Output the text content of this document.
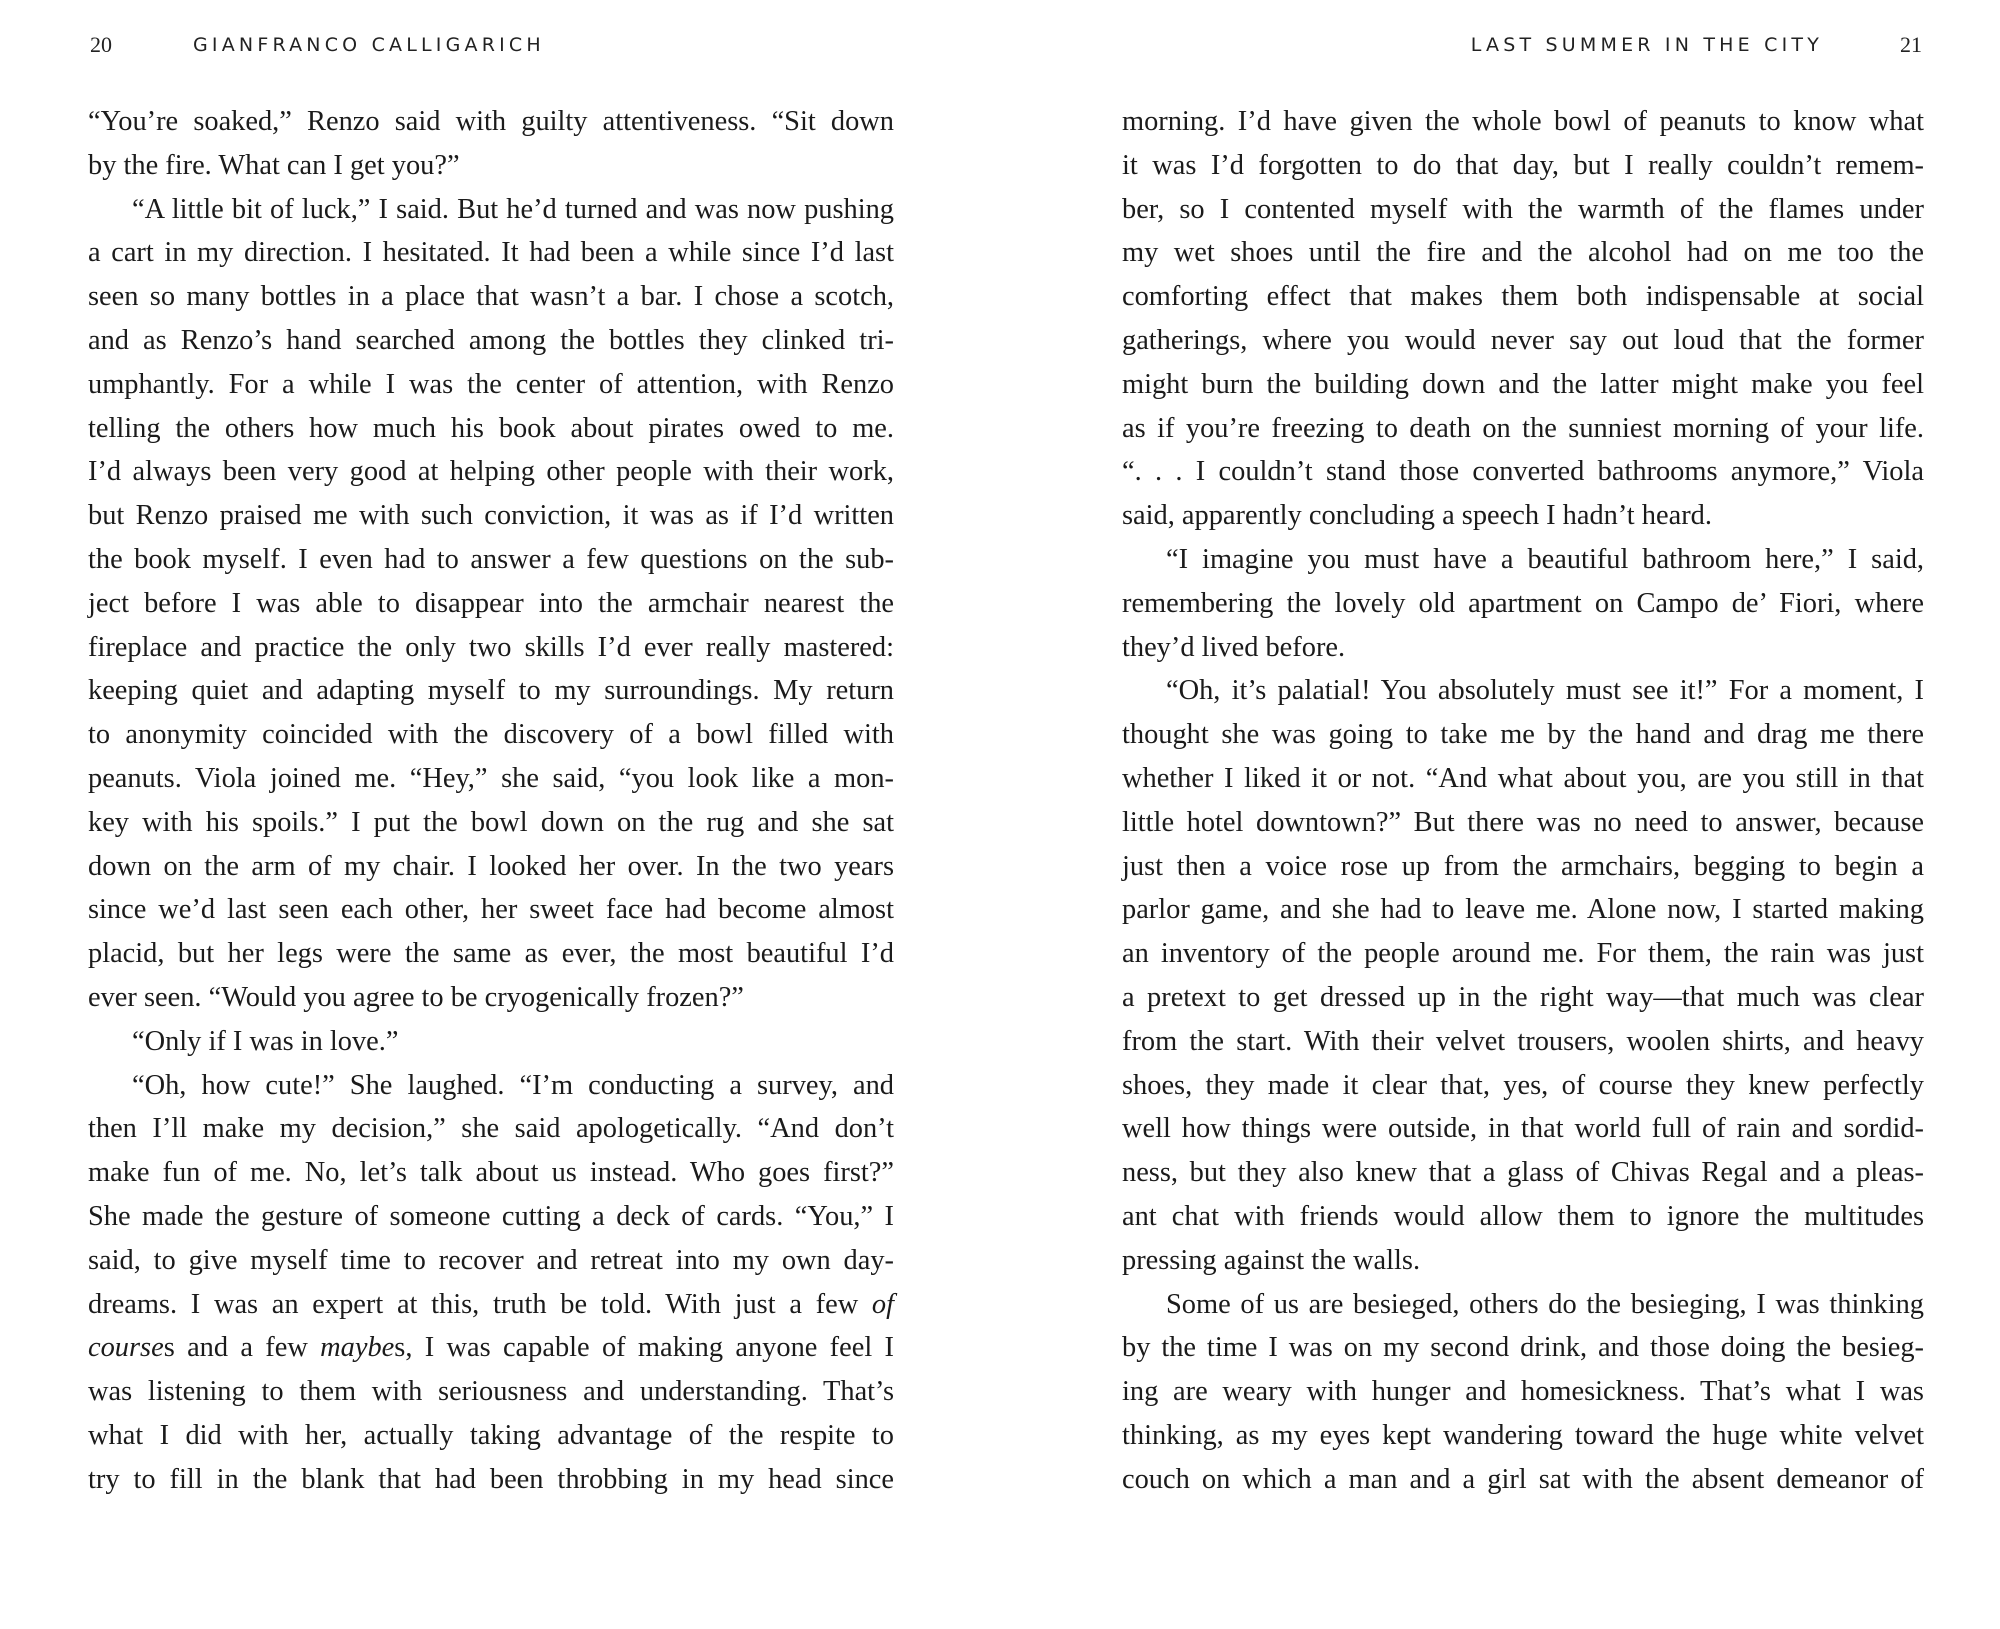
20	GIANFRANCO CALLIGARICH
“You’re soaked,” Renzo said with guilty attentiveness. “Sit down
by the fire. What can I get you?”
“A little bit of luck,” I said. But he’d turned and was now pushing
a cart in my direction. I hesitated. It had been a while since I’d last
seen so many bottles in a place that wasn’t a bar. I chose a scotch,
and as Renzo’s hand searched among the bottles they clinked tri-
umphantly. For a while I was the center of attention, with Renzo
telling the others how much his book about pirates owed to me.
I’d always been very good at helping other people with their work,
but Renzo praised me with such conviction, it was as if I’d written
the book myself. I even had to answer a few questions on the sub-
ject before I was able to disappear into the armchair nearest the
fireplace and practice the only two skills I’d ever really mastered:
keeping quiet and adapting myself to my surroundings. My return
to anonymity coincided with the discovery of a bowl filled with
peanuts. Viola joined me. “Hey,” she said, “you look like a mon-
key with his spoils.” I put the bowl down on the rug and she sat
down on the arm of my chair. I looked her over. In the two years
since we’d last seen each other, her sweet face had become almost
placid, but her legs were the same as ever, the most beautiful I’d
ever seen. “Would you agree to be cryogenically frozen?”
“Only if I was in love.”
“Oh, how cute!” She laughed. “I’m conducting a survey, and
then I’ll make my decision,” she said apologetically. “And don’t
make fun of me. No, let’s talk about us instead. Who goes first?”
She made the gesture of someone cutting a deck of cards. “You,” I
said, to give myself time to recover and retreat into my own day-
dreams. I was an expert at this, truth be told. With just a few of
courses and a few maybes, I was capable of making anyone feel I
was listening to them with seriousness and understanding. That’s
what I did with her, actually taking advantage of the respite to
try to fill in the blank that had been throbbing in my head since
LAST SUMMER IN THE CITY	21
morning. I’d have given the whole bowl of peanuts to know what
it was I’d forgotten to do that day, but I really couldn’t remem-
ber, so I contented myself with the warmth of the flames under
my wet shoes until the fire and the alcohol had on me too the
comforting effect that makes them both indispensable at social
gatherings, where you would never say out loud that the former
might burn the building down and the latter might make you feel
as if you’re freezing to death on the sunniest morning of your life.
“. . . I couldn’t stand those converted bathrooms anymore,” Viola
said, apparently concluding a speech I hadn’t heard.
“I imagine you must have a beautiful bathroom here,” I said,
remembering the lovely old apartment on Campo de’ Fiori, where
they’d lived before.
“Oh, it’s palatial! You absolutely must see it!” For a moment, I
thought she was going to take me by the hand and drag me there
whether I liked it or not. “And what about you, are you still in that
little hotel downtown?” But there was no need to answer, because
just then a voice rose up from the armchairs, begging to begin a
parlor game, and she had to leave me. Alone now, I started making
an inventory of the people around me. For them, the rain was just
a pretext to get dressed up in the right way—that much was clear
from the start. With their velvet trousers, woolen shirts, and heavy
shoes, they made it clear that, yes, of course they knew perfectly
well how things were outside, in that world full of rain and sordid-
ness, but they also knew that a glass of Chivas Regal and a pleas-
ant chat with friends would allow them to ignore the multitudes
pressing against the walls.
Some of us are besieged, others do the besieging, I was thinking
by the time I was on my second drink, and those doing the besieg-
ing are weary with hunger and homesickness. That’s what I was
thinking, as my eyes kept wandering toward the huge white velvet
couch on which a man and a girl sat with the absent demeanor of
